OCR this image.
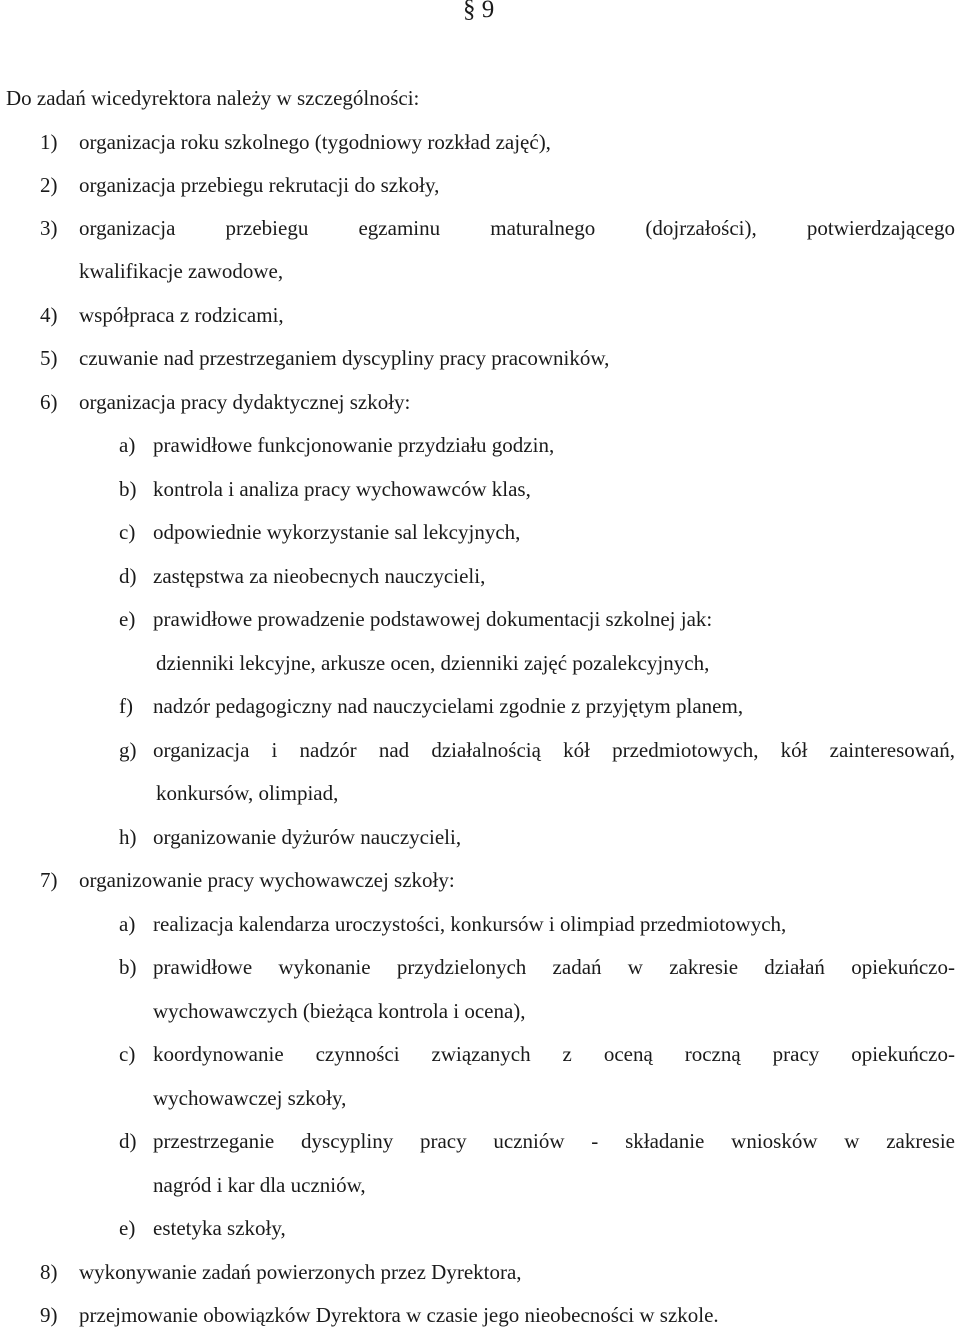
§ 9
Do zadań wicedyrektora należy w szczególności:
1) organizacja roku szkolnego (tygodniowy rozkład zajęć),
2) organizacja przebiegu rekrutacji do szkoły,
3) organizacja przebiegu egzaminu maturalnego (dojrzałości), potwierdzającego
kwalifikacje zawodowe,
4) współpraca z rodzicami,
5) czuwanie nad przestrzeganiem dyscypliny pracy pracowników,
6) organizacja pracy dydaktycznej szkoły:
a) prawidłowe funkcjonowanie przydziału godzin,
b) kontrola i analiza pracy wychowawców klas,
c) odpowiednie wykorzystanie sal lekcyjnych,
d) zastępstwa za nieobecnych nauczycieli,
e) prawidłowe prowadzenie podstawowej dokumentacji szkolnej jak:
dzienniki lekcyjne, arkusze ocen, dzienniki zajęć pozalekcyjnych,
f) nadzór pedagogiczny nad nauczycielami zgodnie z przyjętym planem,
g) organizacja i nadzór nad działalnością kół przedmiotowych, kół zainteresowań,
konkursów, olimpiad,
h) organizowanie dyżurów nauczycieli,
7) organizowanie pracy wychowawczej szkoły:
a) realizacja kalendarza uroczystości, konkursów i olimpiad przedmiotowych,
b) prawidłowe wykonanie przydzielonych zadań w zakresie działań opiekuńczo-
wychowawczych (bieżąca kontrola i ocena),
c) koordynowanie czynności związanych z oceną roczną pracy opiekuńczo-
wychowawczej szkoły,
d) przestrzeganie dyscypliny pracy uczniów - składanie wniosków w zakresie
nagród i kar dla uczniów,
e) estetyka szkoły,
8) wykonywanie zadań powierzonych przez Dyrektora,
9) przejmowanie obowiązków Dyrektora w czasie jego nieobecności w szkole.
